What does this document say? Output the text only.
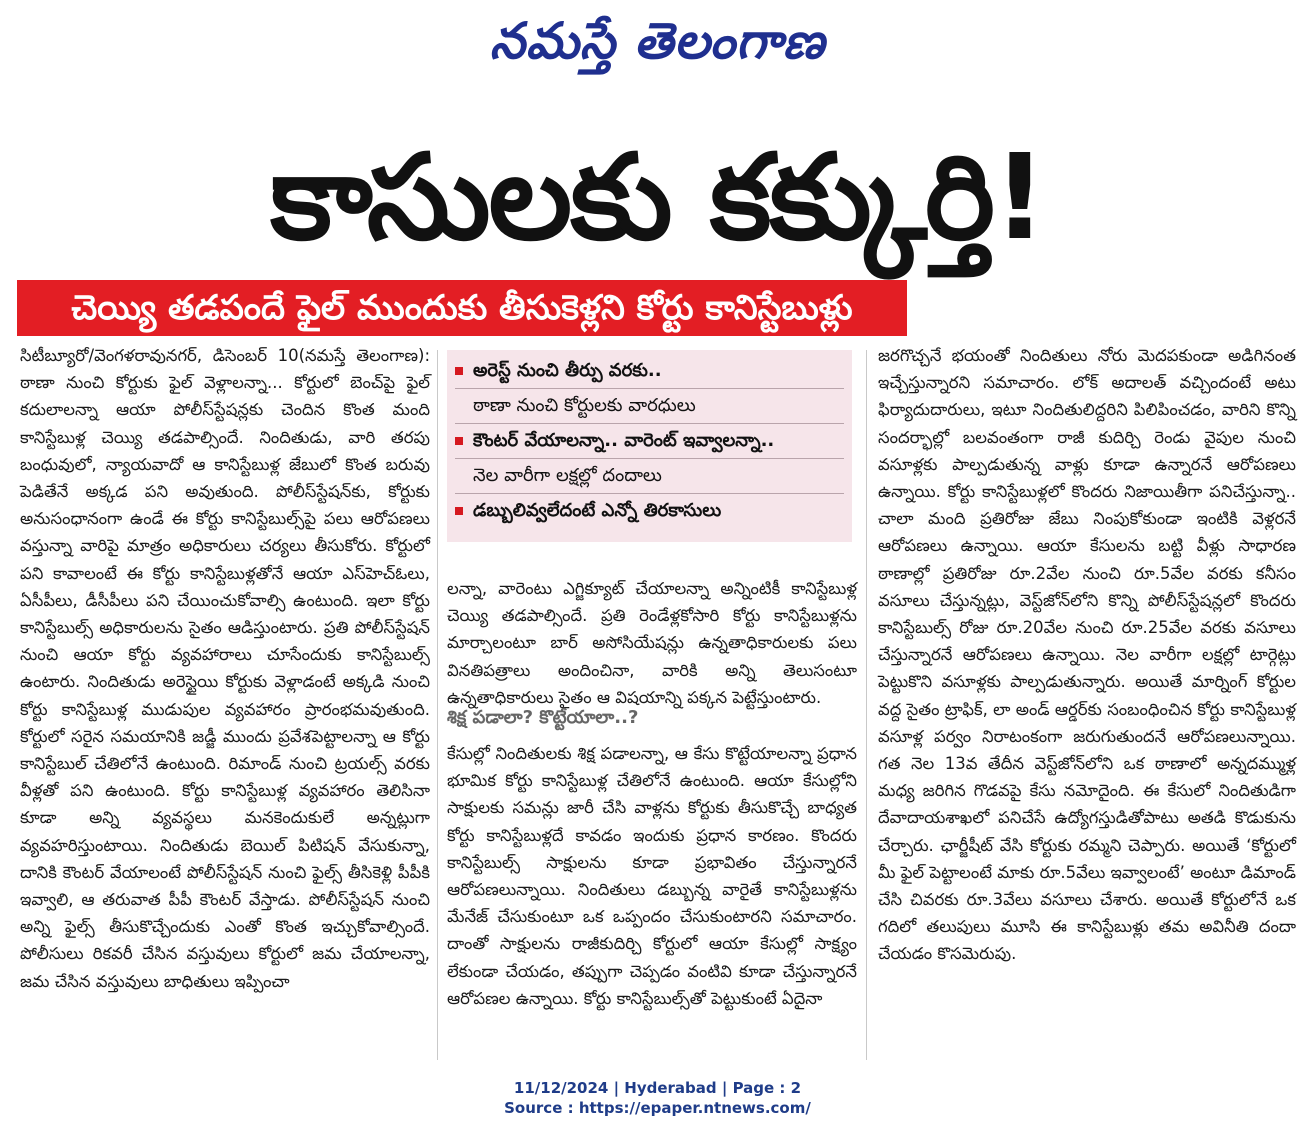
నమస్తే తెలంగాణ
కాసులకు కక్కుర్తి!
చెయ్యి తడపందే ఫైల్ ముందుకు తీసుకెళ్లని కోర్టు కానిస్టేబుళ్లు

సిటీబ్యూరో/వెంగళరావునగర్, డిసెంబర్ 10(నమస్తే తెలంగాణ): ఠాణా నుంచి కోర్టుకు ఫైల్ వెళ్లాలన్నా... కోర్టులో బెంచ్‌పై ఫైల్ కదులాలన్నా ఆయా పోలీస్‌స్టేషన్లకు చెందిన కొంత మంది కానిస్టేబుళ్ల చెయ్యి తడపాల్సిందే. నిందితుడు, వారి తరపు బంధువులో, న్యాయవాదో ఆ కానిస్టేబుళ్ల జేబులో కొంత బరువు పెడితేనే అక్కడ పని అవుతుంది. పోలీస్‌స్టేషన్‌కు, కోర్టుకు అనుసంధానంగా ఉండే ఈ కోర్టు కానిస్టేబుల్స్‌పై పలు ఆరోపణలు వస్తున్నా వారిపై మాత్రం అధికారులు చర్యలు తీసుకోరు. కోర్టులో పని కావాలంటే ఈ కోర్టు కానిస్టేబుళ్లతోనే ఆయా ఎస్‌హెచ్‌ఓలు, ఏసీపీలు, డీసీపీలు పని చేయించుకోవాల్సి ఉంటుంది. ఇలా కోర్టు కానిస్టేబుల్స్ అధికారులను సైతం ఆడిస్తుంటారు. ప్రతి పోలీస్‌స్టేషన్ నుంచి ఆయా కోర్టు వ్యవహారాలు చూసేందుకు కానిస్టేబుల్స్ ఉంటారు. నిందితుడు అరెస్టైయి కోర్టుకు వెళ్లాడంటే అక్కడి నుంచి కోర్టు కానిస్టేబుళ్ల ముడుపుల వ్యవహారం ప్రారంభమవుతుంది. కోర్టులో సరైన సమయానికి జడ్జీ ముందు ప్రవేశపెట్టాలన్నా ఆ కోర్టు కానిస్టేబుల్ చేతిలోనే ఉంటుంది. రిమాండ్ నుంచి ట్రయల్స్ వరకు వీళ్లతో పని ఉంటుంది. కోర్టు కానిస్టేబుళ్ల వ్యవహారం తెలిసినా కూడా అన్ని వ్యవస్థలు మనకెందుకులే అన్నట్లుగా వ్యవహరిస్తుంటాయి. నిందితుడు బెయిల్ పిటిషన్ వేసుకున్నా, దానికి కౌంటర్ వేయాలంటే పోలీస్‌స్టేషన్ నుంచి ఫైల్స్ తీసికెళ్లి పీపీకి ఇవ్వాలి, ఆ తరువాత పీపీ కౌంటర్ వేస్తాడు. పోలీస్‌స్టేషన్ నుంచి అన్ని ఫైల్స్ తీసుకొచ్చేందుకు ఎంతో కొంత ఇచ్చుకోవాల్సిందే. పోలీసులు రికవరీ చేసిన వస్తువులు కోర్టులో జమ చేయాలన్నా, జమ చేసిన వస్తువులు బాధితులు ఇప్పించా

అరెస్ట్ నుంచి తీర్పు వరకు..
ఠాణా నుంచి కోర్టులకు వారధులు
కౌంటర్ వేయాలన్నా.. వారెంట్ ఇవ్వాలన్నా..
నెల వారీగా లక్షల్లో దందాలు
డబ్బులివ్వలేదంటే ఎన్నో తిరకాసులు

లన్నా, వారెంటు ఎగ్జిక్యూట్ చేయాలన్నా అన్నింటికీ కానిస్టేబుళ్ల చెయ్యి తడపాల్సిందే. ప్రతి రెండేళ్లకోసారి కోర్టు కానిస్టేబుళ్లను మార్చాలంటూ బార్ అసోసియేషన్లు ఉన్నతాధికారులకు పలు వినతిపత్రాలు అందించినా, వారికి అన్ని తెలుసంటూ ఉన్నతాధికారులు సైతం ఆ విషయాన్ని పక్కన పెట్టేస్తుంటారు.

శిక్ష పడాలా? కొట్టేయాలా..?

కేసుల్లో నిందితులకు శిక్ష పడాలన్నా, ఆ కేసు కొట్టేయాలన్నా ప్రధాన భూమిక కోర్టు కానిస్టేబుళ్ల చేతిలోనే ఉంటుంది. ఆయా కేసుల్లోని సాక్షులకు సమన్లు జారీ చేసి వాళ్లను కోర్టుకు తీసుకొచ్చే బాధ్యత కోర్టు కానిస్టేబుళ్లదే కావడం ఇందుకు ప్రధాన కారణం. కొందరు కానిస్టేబుల్స్ సాక్షులను కూడా ప్రభావితం చేస్తున్నారనే ఆరోపణలున్నాయి. నిందితులు డబ్బున్న వారైతే కానిస్టేబుళ్లను మేనేజ్ చేసుకుంటూ ఒక ఒప్పందం చేసుకుంటారని సమాచారం. దాంతో సాక్షులను రాజీకుదిర్చి కోర్టులో ఆయా కేసుల్లో సాక్ష్యం లేకుండా చేయడం, తప్పుగా చెప్పడం వంటివి కూడా చేస్తున్నారనే ఆరోపణల ఉన్నాయి. కోర్టు కానిస్టేబుల్స్‌తో పెట్టుకుంటే ఏదైనా

జరగొచ్చనే భయంతో నిందితులు నోరు మెదపకుండా అడిగినంత ఇచ్చేస్తున్నారని సమాచారం. లోక్ అదాలత్ వచ్చిందంటే అటు ఫిర్యాదుదారులు, ఇటూ నిందితులిద్దరిని పిలిపించడం, వారిని కొన్ని సందర్భాల్లో బలవంతంగా రాజీ కుదిర్చి రెండు వైపుల నుంచి వసూళ్లకు పాల్పడుతున్న వాళ్లు కూడా ఉన్నారనే ఆరోపణలు ఉన్నాయి. కోర్టు కానిస్టేబుళ్లలో కొందరు నిజాయితీగా పనిచేస్తున్నా.. చాలా మంది ప్రతిరోజు జేబు నింపుకోకుండా ఇంటికి వెళ్లరనే ఆరోపణలు ఉన్నాయి. ఆయా కేసులను బట్టి వీళ్లు సాధారణ ఠాణాల్లో ప్రతిరోజు రూ.2వేల నుంచి రూ.5వేల వరకు కనీసం వసూలు చేస్తున్నట్లు, వెస్ట్‌జోన్‌లోని కొన్ని పోలీస్‌స్టేషన్లలో కొందరు కానిస్టేబుల్స్ రోజు రూ.20వేల నుంచి రూ.25వేల వరకు వసూలు చేస్తున్నారనే ఆరోపణలు ఉన్నాయి. నెల వారీగా లక్షల్లో టార్గెట్లు పెట్టుకొని వసూళ్లకు పాల్పడుతున్నారు. అయితే మార్నింగ్ కోర్టుల వద్ద సైతం ట్రాఫిక్, లా అండ్ ఆర్డర్‌కు సంబంధించిన కోర్టు కానిస్టేబుళ్ల వసూళ్ల పర్వం నిరాటంకంగా జరుగుతుందనే ఆరోపణలున్నాయి. గత నెల 13వ తేదీన వెస్ట్‌జోన్‌లోని ఒక ఠాణాలో అన్నదమ్ముళ్ల మధ్య జరిగిన గొడవపై కేసు నమోదైంది. ఈ కేసులో నిందితుడిగా దేవాదాయశాఖలో పనిచేసే ఉద్యోగస్తుడితోపాటు అతడి కొడుకును చేర్చారు. ఛార్జీషీట్ వేసి కోర్టుకు రమ్మని చెప్పారు. అయితే ‘కోర్టులో మీ ఫైల్ పెట్టాలంటే మాకు రూ.5వేలు ఇవ్వాలంటే’ అంటూ డిమాండ్ చేసి చివరకు రూ.3వేలు వసూలు చేశారు. అయితే కోర్టులోనే ఒక గదిలో తలుపులు మూసి ఈ కానిస్టేబుళ్లు తమ అవినీతి దందా చేయడం కొసమెరుపు.

11/12/2024 | Hyderabad | Page : 2
Source : https://epaper.ntnews.com/
